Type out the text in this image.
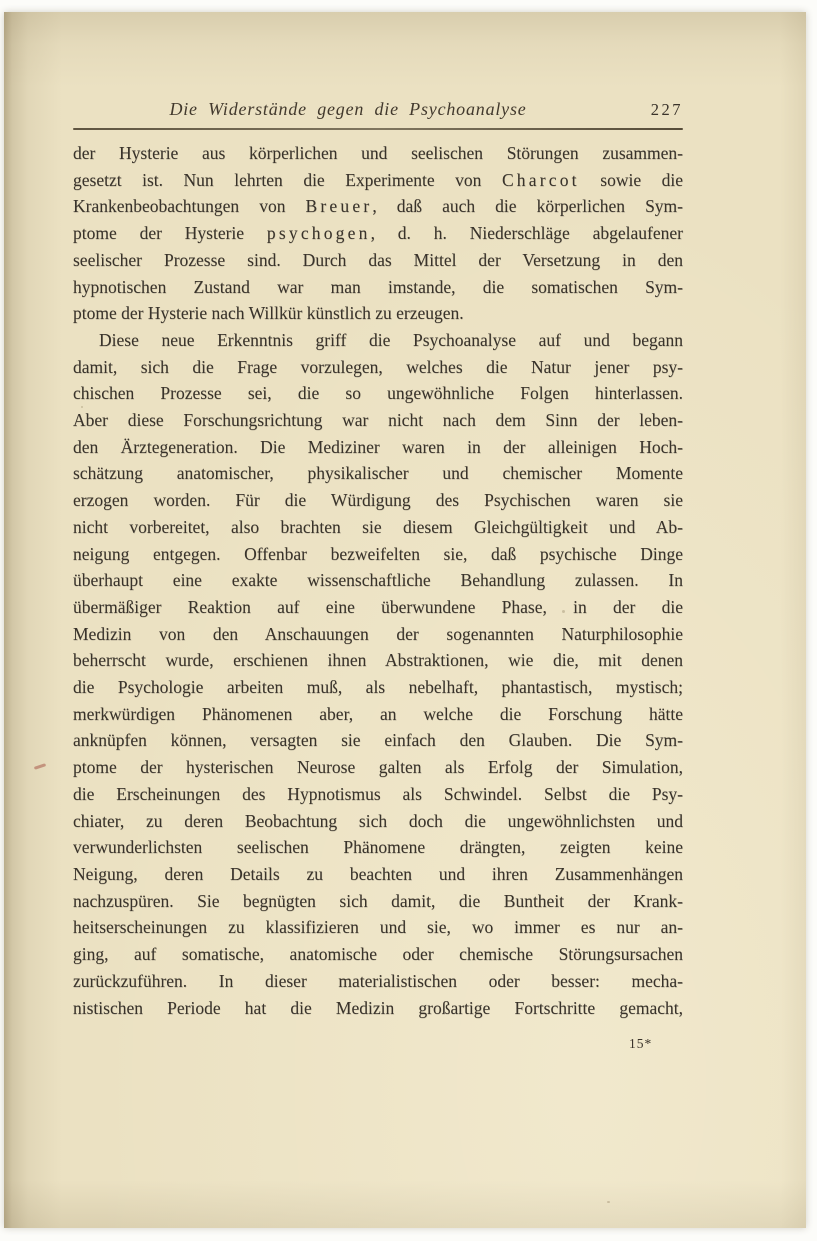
Die Widerstände gegen die Psychoanalyse	227
der Hysterie aus körperlichen und seelischen Störungen zusammen-
gesetzt ist. Nun lehrten die Experimente von Charcot sowie die
Krankenbeobachtungen von Breuer, daß auch die körperlichen Sym-
ptome der Hysterie psychogen, d. h. Niederschläge abgelaufener
seelischer Prozesse sind. Durch das Mittel der Versetzung in den
hypnotischen Zustand war man imstande, die somatischen Sym-
ptome der Hysterie nach Willkür künstlich zu erzeugen.
Diese neue Erkenntnis griff die Psychoanalyse auf und begann
damit, sich die Frage vorzulegen, welches die Natur jener psy-
chischen Prozesse sei, die so ungewöhnliche Folgen hinterlassen.
Aber diese Forschungsrichtung war nicht nach dem Sinn der leben-
den Ärztegeneration. Die Mediziner waren in der alleinigen Hoch-
schätzung anatomischer, physikalischer und chemischer Momente
erzogen worden. Für die Würdigung des Psychischen waren sie
nicht vorbereitet, also brachten sie diesem Gleichgültigkeit und Ab-
neigung entgegen. Offenbar bezweifelten sie, daß psychische Dinge
überhaupt eine exakte wissenschaftliche Behandlung zulassen. In
übermäßiger Reaktion auf eine überwundene Phase, in der die
Medizin von den Anschauungen der sogenannten Naturphilosophie
beherrscht wurde, erschienen ihnen Abstraktionen, wie die, mit denen
die Psychologie arbeiten muß, als nebelhaft, phantastisch, mystisch;
merkwürdigen Phänomenen aber, an welche die Forschung hätte
anknüpfen können, versagten sie einfach den Glauben. Die Sym-
ptome der hysterischen Neurose galten als Erfolg der Simulation,
die Erscheinungen des Hypnotismus als Schwindel. Selbst die Psy-
chiater, zu deren Beobachtung sich doch die ungewöhnlichsten und
verwunderlichsten seelischen Phänomene drängten, zeigten keine
Neigung, deren Details zu beachten und ihren Zusammenhängen
nachzuspüren. Sie begnügten sich damit, die Buntheit der Krank-
heitserscheinungen zu klassifizieren und sie, wo immer es nur an-
ging, auf somatische, anatomische oder chemische Störungsursachen
zurückzuführen. In dieser materialistischen oder besser: mecha-
nistischen Periode hat die Medizin großartige Fortschritte gemacht,
15*
